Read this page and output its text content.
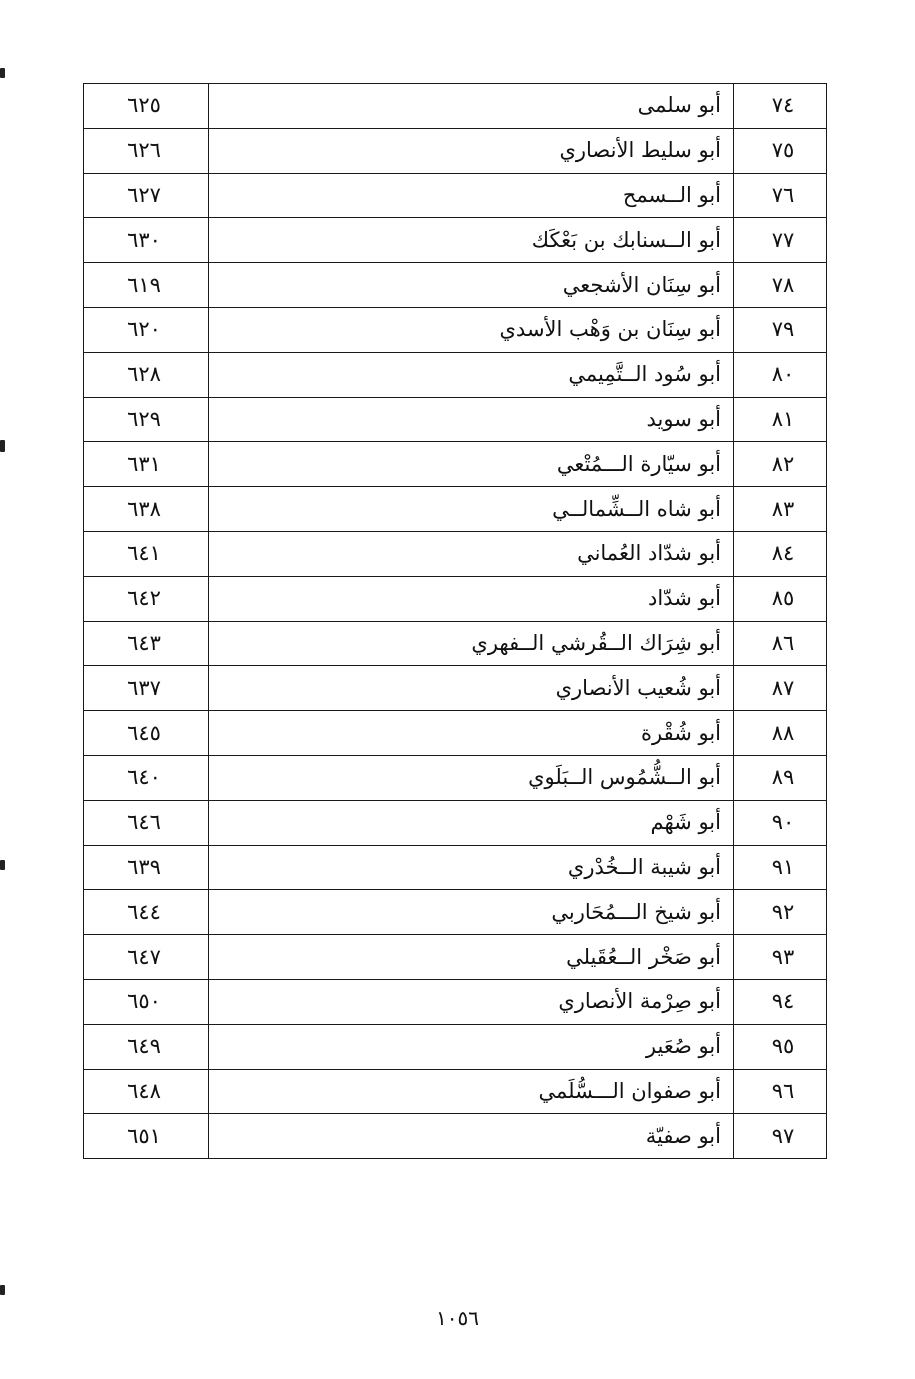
٧٤	أبو سلمى	٦٢٥
٧٥	أبو سليط الأنصاري	٦٢٦
٧٦	أبو الــسمح	٦٢٧
٧٧	أبو الــسنابك بن بَعْكَك	٦٣٠
٧٨	أبو سِنَان الأشجعي	٦١٩
٧٩	أبو سِنَان بن وَهْب الأسدي	٦٢٠
٨٠	أبو سُود الــتَّمِيمي	٦٢٨
٨١	أبو سويد	٦٢٩
٨٢	أبو سيّارة الـــمُتْعي	٦٣١
٨٣	أبو شاه الــشِّمالــي	٦٣٨
٨٤	أبو شدّاد العُماني	٦٤١
٨٥	أبو شدّاد	٦٤٢
٨٦	أبو شِرَاك الــقُرشي الــفهري	٦٤٣
٨٧	أبو شُعيب الأنصاري	٦٣٧
٨٨	أبو شُقْرة	٦٤٥
٨٩	أبو الــشُّمُوس الــبَلَوي	٦٤٠
٩٠	أبو شَهْم	٦٤٦
٩١	أبو شيبة الــخُدْري	٦٣٩
٩٢	أبو شيخ الـــمُحَاربي	٦٤٤
٩٣	أبو صَخْر الــعُقَيلي	٦٤٧
٩٤	أبو صِرْمة الأنصاري	٦٥٠
٩٥	أبو صُعَير	٦٤٩
٩٦	أبو صفوان الـــسُّلَمي	٦٤٨
٩٧	أبو صفيّة	٦٥١
١٠٥٦
